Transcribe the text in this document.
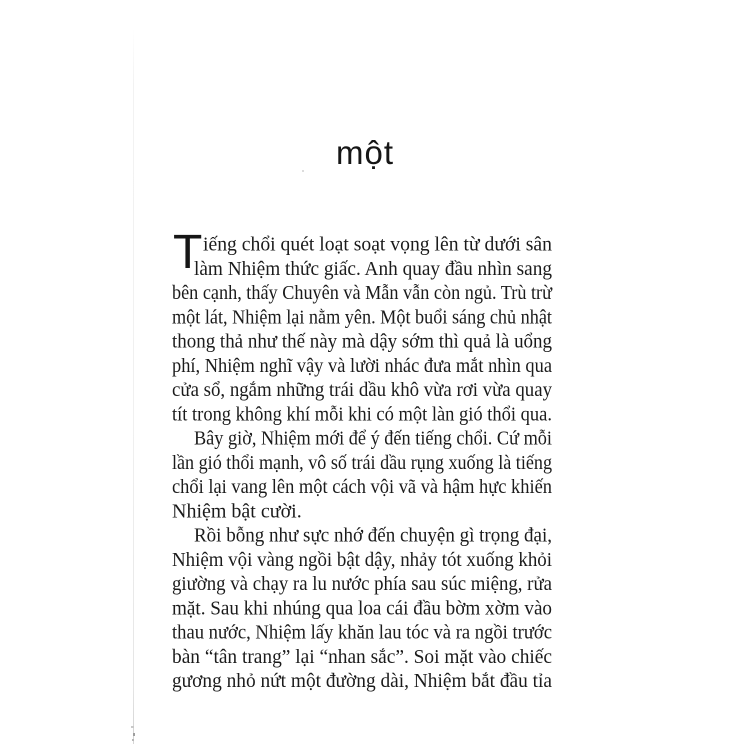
một
T iếng chổi quét loạt soạt vọng lên từ dưới sân
làm Nhiệm thức giấc. Anh quay đầu nhìn sang
bên cạnh, thấy Chuyên và Mẫn vẫn còn ngủ. Trù trừ
một lát, Nhiệm lại nằm yên. Một buổi sáng chủ nhật
thong thả như thế này mà dậy sớm thì quả là uổng
phí, Nhiệm nghĩ vậy và lười nhác đưa mắt nhìn qua
cửa sổ, ngắm những trái dầu khô vừa rơi vừa quay
tít trong không khí mỗi khi có một làn gió thổi qua.
Bây giờ, Nhiệm mới để ý đến tiếng chổi. Cứ mỗi
lần gió thổi mạnh, vô số trái dầu rụng xuống là tiếng
chổi lại vang lên một cách vội vã và hậm hực khiến
Nhiệm bật cười.
Rồi bỗng như sực nhớ đến chuyện gì trọng đại,
Nhiệm vội vàng ngồi bật dậy, nhảy tót xuống khỏi
giường và chạy ra lu nước phía sau súc miệng, rửa
mặt. Sau khi nhúng qua loa cái đầu bờm xờm vào
thau nước, Nhiệm lấy khăn lau tóc và ra ngồi trước
bàn “tân trang” lại “nhan sắc”. Soi mặt vào chiếc
gương nhỏ nứt một đường dài, Nhiệm bắt đầu tỉa
